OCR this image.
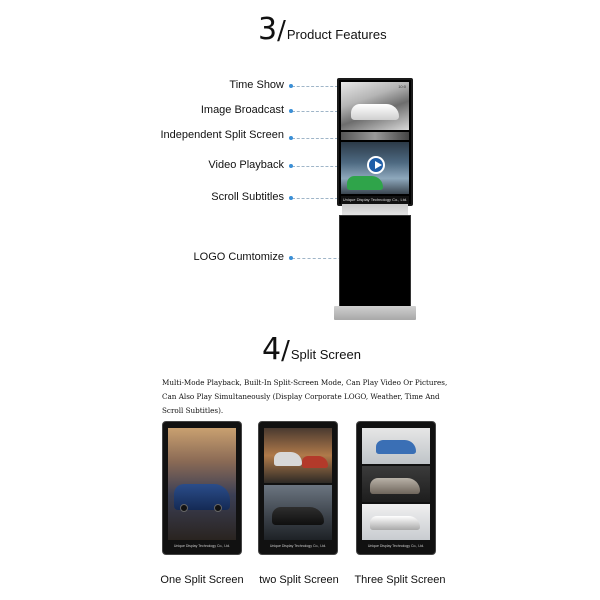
3/Product Features
Time Show
Image Broadcast
Independent Split Screen
Video Playback
Scroll Subtitles
LOGO Cumtomize
10:0
Unique Display Technology Co., Ltd.
4/Split Screen
Multi-Mode Playback, Built-In Split-Screen Mode, Can Play Video Or Pictures, Can Also Play Simultaneously (Display Corporate LOGO, Weather, Time And Scroll Subtitles).
Unique Display Technology Co., Ltd.	Unique Display Technology Co., Ltd.	Unique Display Technology Co., Ltd.
One Split Screen	two Split Screen	Three Split Screen
